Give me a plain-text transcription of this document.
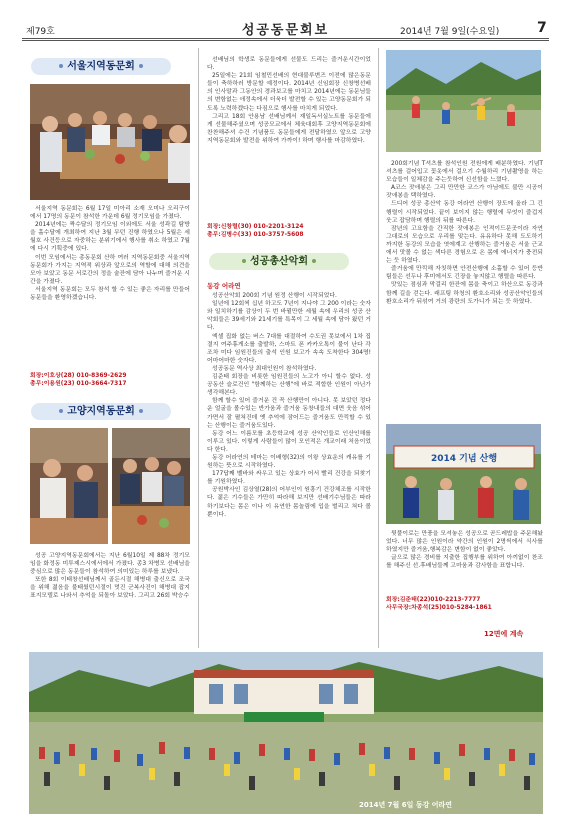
제79호	성공동문회보	2014년 7월 9일(수요일)	7
서울지역동문회

서울지역 동문회는 6월 17일 미아리 소재 오미나 오리구이에서 17명의 동문이 참석한 가운데 6월 정기모임을 가졌다.

2014년에는 짝수달의 정기모임 이외에도 서울 성곽길 탐방을 홀수달에 개최하여 지난 3월 무던 진행 하였으나 5월은 세월호 사건등으로 자중하는 분위기에서 행사를 취소 하였고 7월에 다시 기획중에 있다.

이번 모임에서는 총동문회 산하 여러 지역동문회중 서울지역 동문회가 가지는 지역적 위상과 앞으로의 역할에 대해 의견을 모아 보았고 동문 서로간의 정을 술잔에 담아 나누며 즐거운 시간을 가졌다.

서울지역 동문회는 모두 참석 할 수 있는 좋은 자리를 만들어 동문들을 환영하겠습니다.

회장:이호상(28) 010-8369-2629

총무:이용원(23) 010-3664-7317

고양지역동문회

성공 고양지역동문회에서는 지난 6월10일 제 88차 정기모임을 화정동 미투제스시에서에서 가졌다. 종3 차병모 선배님을 중심으로 많은 동문들이 참석하여 의미있는 하루를 보냈다.

또한 8회 이태창선배님께서 골든시절 해병대 출신으로 조국을 위해 젊음을 불태웠던시절이 멋진 군복사진이 해병대 잡지 표지모델로 나와서 추억을 되돌아 보았다. 그리고 26회 박승수

선배님의 학생로 동문들에게 선물도 드리는 즐거운시간이었다.

25일에는 21회 임철민선배의 현대불루변즈 이전에 많은동문들이 축하하러 방문할 예정이다. 2014년 신임회장 신창병선배의 인사말과 그동안의 경과보고를 마치고 2014년에는 동문님들의 변함없는 애정속에서 더욱더 발전할 수 있는 고양동문회가 되도록 노력하겠다는 다짐으로 행사를 마치게 되었다.

그리고 18회 안용남 선배님께서 재일독서실노트를 동문들에게 선물해주셨으며 성공모교에서 체육대회후 고양지역동문회에 찬찬해주셔 수건 기념품도 동문들에게 전달하였으 앞으로 고양지역동문회와 발전을 위하여 가까이! 하며 행사를 마감하였다.

회장:신창렬(30) 010-2201-3124

총무:김병수(33) 010-3757-5608

성공총산악회

동강 어라연

성공산악회 200회 기념 원정 산행이 시작되었다.

일년에 12회씩 십년 하고도 7년이 지나야 그 200 이라는 숫자와 일치하기를 감상이 두 번 바뀔만한 세월 속에 우리의 성공 산악회들은 39세기와 21세기를 특목이 그 세월 속에 담아 왔던 거다.

엑셀 집화 없는 버스 7대를 대절하여 수도권 못보에서 1차 집결지 여주휴게소를 출발하, 스마트 폰 카카오톡이 불이 난다 각 조차 미다 임원진들의 출석 인원 보고가 속속 도착한다 304명! 어마어마한 숫자다.

성공동문 역사상 최대인원이 참석하였다.

김준태 회장을 비롯한 임원진들의 노고가 아니 할수 없다. 성공동산 슬로건인 "함께하는 산행"에 바로 적합한 인원이 아닌가 생각해본다.

함께 할수 있어 즐거운 건 꼭 산행만이 아니다. 못 보았던 정다운 얼굴을 볼수있는 반가움과 즐거움 동창내들의 대면 웃음 섞어가면서 잘 펼쳐진데 옛 추억에 잠어드는 즐거움도 만끽할 수 있는 산행이는 즐거움도있다.

동강 어느 이름모를 초등학교에 성공 산악인들로 인산인해를 이루고 있다. 이렇게 사람들이 많이 모인적은 개교이래 처음이었다 한다.

동강 어라연의 테마는 이배형(32)의 이왕 상효운의 캐유를 기원하는 뜻으로 시작하였다.

177답째 벨바와 싸우고 있는 상효가 어서 빨리 건강을 되찾기를 기원하였다.

공원박사인 김상열(28)의 어부인이 원흥기 건강체조를 시작한다. 젊은 기수들은 가만히 따라해 보지만 선배기수님들은 따라 하기보다는 몸은 이나 이 유연한 몸놀림에 입을 벌리고 쳐다 볼 뿐이다.

200회기념 T셔츠를 참석인원 전원에게 배분하였다. 기념T셔츠를 걸어입고 꽃옷에서 걸으기 수월하리 기념촬영을 하는 모습들이 일체감을 주는듯하여 신선함을 느꼈다.

A코스 잣애봉은 그리 만만한 코스가 아님에도 불만 시공이 잣애봉을 택하였다.

드디어 성공 총산악 동강 어라연 산행이 장도에 올라 그 긴 행렬이 시작되었다. 끝이 보이지 않는 행렬에 무엇이 즐겁지 웃고 잡담하며 행렬의 뒤를 따른다.

잠년의 고요함을 간직한 잣애봉은 인적이드문곳이라 자연 그대로의 모습으로 우리를 맞는다. 유유하다 못해 도도하기 까지한 동강의 모습을 엿에계고 산행하는 즐거움은 서울 근교에서 맛볼 수 없는 색다른 경험으로 온 몸에 에너지가 충전되는 듯 하였다.

즐거움에 만끽해 자칫하면 안전산행에 소홀할 수 있어 등반팀들은 선두나 후미에서도 긴장을 놓지않고 행렬을 따른다.

맛있는 점심과 막걸리 한잔에 몸을 축이고 하산으로 동강과 함께 길을 걷는다. 래프팅 하청의 환호소리와 성공산악인들의 환호소리가 뒤섞여 거의 광란의 도가니가 되는 듯 하였다.

2014 기념 산행

뒷풀이로는 만풍을 모셔놓은 성공으로 곧드레밥을 주문해놨었다. 너무 많은 인원이라 약간의 인원이 2명씩에서 식사를 하였지만 즐거움,행복감은 변함이 없이 좋았다.

글으로 많은 경비를 지출한 집행부를 위하여 아끼없이 찬조를 해주신 선.후배님들께 고마움과 감사함을 표합니다.

회장:김준태(22)010-2213-7777

사무국장:차종석(25)010-5284-1861

12면에 계속
2014년 7월 6일 동강 어라연
